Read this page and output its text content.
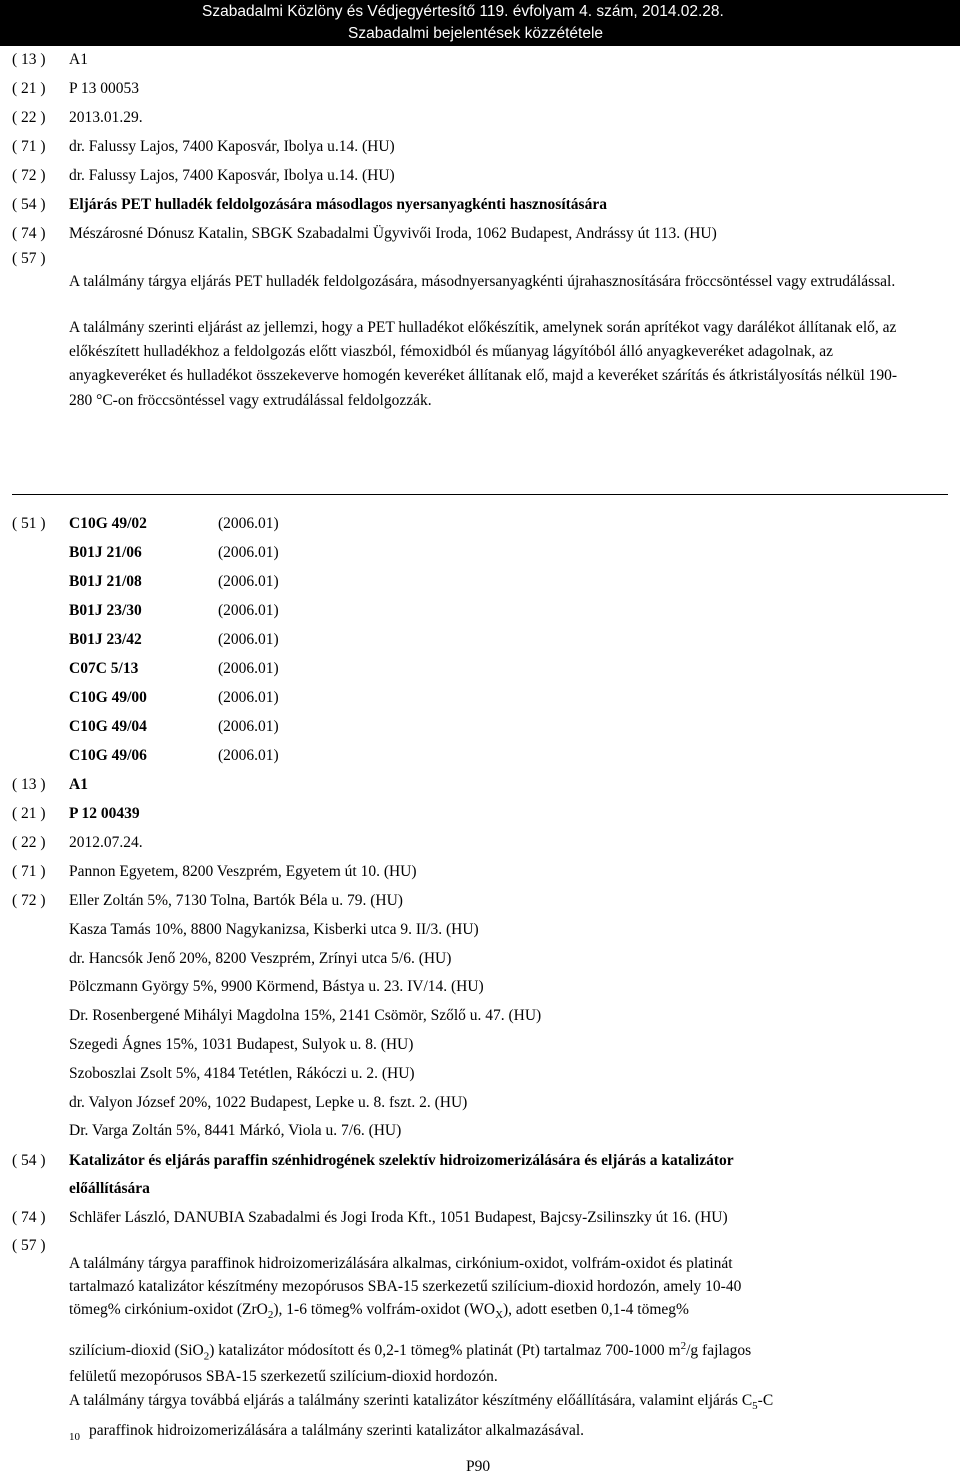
Szabadalmi Közlöny és Védjegyértesítő 119. évfolyam 4. szám, 2014.02.28.
Szabadalmi bejelentések közzététele
( 13 )	A1
( 21 )	P 13 00053
( 22 )	2013.01.29.
( 71 )	dr. Falussy Lajos, 7400 Kaposvár, Ibolya u.14. (HU)
( 72 )	dr. Falussy Lajos, 7400 Kaposvár, Ibolya u.14. (HU)
( 54 )	Eljárás PET hulladék feldolgozására másodlagos nyersanyagkénti hasznosítására
( 74 )	Mészárosné Dónusz Katalin, SBGK Szabadalmi Ügyvivői Iroda, 1062 Budapest, Andrássy út 113. (HU)
( 57 )
A találmány tárgya eljárás PET hulladék feldolgozására, másodnyersanyagkénti újrahasznosítására fröccsöntéssel vagy extrudálással.
A találmány szerinti eljárást az jellemzi, hogy a PET hulladékot előkészítik, amelynek során aprítékot vagy darálékot állítanak elő, az előkészített hulladékhoz a feldolgozás előtt viaszból, fémoxidból és műanyag lágyítóból álló anyagkeveréket adagolnak, az anyagkeveréket és hulladékot összekeverve homogén keveréket állítanak elő, majd a keveréket szárítás és átkristályosítás nélkül 190-280 °C-on fröccsöntéssel vagy extrudálással feldolgozzák.
( 51 )	C10G 49/02	(2006.01)
B01J 21/06	(2006.01)
B01J 21/08	(2006.01)
B01J 23/30	(2006.01)
B01J 23/42	(2006.01)
C07C 5/13	(2006.01)
C10G 49/00	(2006.01)
C10G 49/04	(2006.01)
C10G 49/06	(2006.01)
( 13 )	A1
( 21 )	P 12 00439
( 22 )	2012.07.24.
( 71 )	Pannon Egyetem, 8200 Veszprém, Egyetem út 10. (HU)
( 72 )	Eller Zoltán 5%, 7130 Tolna, Bartók Béla u. 79. (HU)
Kasza Tamás 10%, 8800 Nagykanizsa, Kisberki utca 9. II/3. (HU)
dr. Hancsók Jenő 20%, 8200 Veszprém, Zrínyi utca 5/6. (HU)
Pölczmann György 5%, 9900 Körmend, Bástya u. 23. IV/14. (HU)
Dr. Rosenbergené Mihályi Magdolna 15%, 2141 Csömör, Szőlő u. 47. (HU)
Szegedi Ágnes 15%, 1031 Budapest, Sulyok u. 8. (HU)
Szoboszlai Zsolt 5%, 4184 Tetétlen, Rákóczi u. 2. (HU)
dr. Valyon József 20%, 1022 Budapest, Lepke u. 8. fszt. 2. (HU)
Dr. Varga Zoltán 5%, 8441 Márkó, Viola u. 7/6. (HU)
( 54 )	Katalizátor és eljárás paraffin szénhidrogének szelektív hidroizomerizálására és eljárás a katalizátor
előállítására
( 74 )	Schläfer László, DANUBIA Szabadalmi és Jogi Iroda Kft., 1051 Budapest, Bajcsy-Zsilinszky út 16. (HU)
( 57 )
A találmány tárgya paraffinok hidroizomerizálására alkalmas, cirkónium-oxidot, volfrám-oxidot és platinát
tartalmazó katalizátor készítmény mezopórusos SBA-15 szerkezetű szilícium-dioxid hordozón, amely 10-40
tömeg% cirkónium-oxidot (ZrO$_2$), 1-6 tömeg% volfrám-oxidot $(WO_X)$, adott esetben 0,1-4 tömeg%
szilícium-dioxid (SiO$_2$) katalizátor módosított és 0,2-1 tömeg% platinát (Pt) tartalmaz 700-1000 $m^2/g$ fajlagos
felületű mezopórusos SBA-15 szerkezetű szilícium-dioxid hordozón.
A találmány tárgya továbbá eljárás a találmány szerinti katalizátor készítmény előállítására, valamint eljárás $C_5-C$
10 paraffinok hidroizomerizálására a találmány szerinti katalizátor alkalmazásával.
P90
